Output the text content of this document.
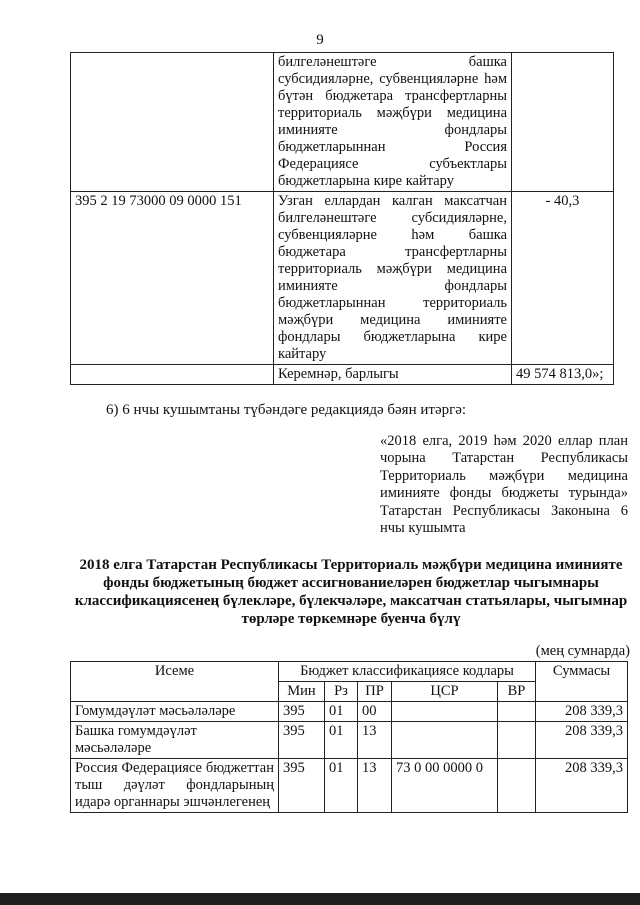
9
	билгеләнештәге башка субсидияләрне, субвенцияләрне һәм бүтән бюджетара трансфертларны территориаль мәҗбүри медицина иминияте фондлары бюджетларыннан Россия Федерациясе субъектлары бюджетларына кире кайтару	
395 2 19 73000 09 0000 151	Узган еллардан калган максатчан билгеләнештәге субсидияләрне, субвенцияләрне һәм башка бюджетара трансфертларны территориаль мәҗбүри медицина иминияте фондлары бюджетларыннан территориаль мәҗбүри медицина иминияте фондлары бюджетларына кире кайтару	- 40,3
	Керемнәр, барлыгы	49 574 813,0»;
6) 6 нчы кушымтаны түбәндәге редакциядә бәян итәргә:
«2018 елга, 2019 һәм 2020 еллар план чорына Татарстан Республикасы Территориаль мәҗбүри медицина иминияте фонды бюджеты турында» Татарстан Республикасы Законына 6 нчы кушымта
2018 елга Татарстан Республикасы Территориаль мәҗбүри медицина иминияте фонды бюджетының бюджет ассигнованиеләрен бюджетлар чыгымнары классификациясенең бүлекләре, бүлекчәләре, максатчан статьялары, чыгымнар төрләре төркемнәре буенча бүлү
(мең сумнарда)
Исеме	Бюджет классификациясе кодлары					Суммасы
	Мин	Рз	ПР	ЦСР	ВР	
Гомумдәүләт мәсьәләләре	395	01	00			208 339,3
Башка гомумдәүләт мәсьәләләре	395	01	13			208 339,3
Россия Федерациясе бюджеттан тыш дәүләт фондларының идарә органнары эшчәнлегенең	395	01	13	73 0 00 0000 0		208 339,3
